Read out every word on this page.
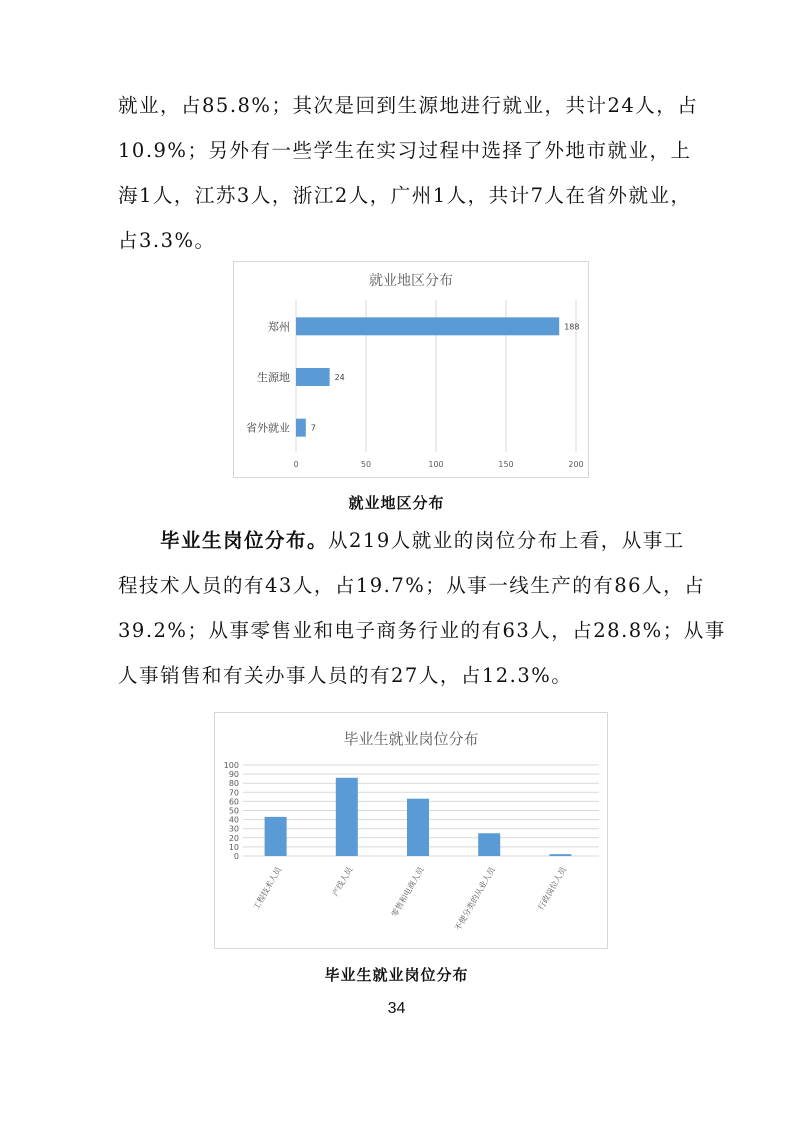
就业，占85.8%；其次是回到生源地进行就业，共计24人，占
10.9%；另外有一些学生在实习过程中选择了外地市就业，上
海1人，江苏3人，浙江2人，广州1人，共计7人在省外就业，
占3.3%。
就业地区分布
郑州
生源地
省外就业
188
24
7
0	50	100	150	200
就业地区分布
毕业生岗位分布。从219人就业的岗位分布上看，从事工
程技术人员的有43人，占19.7%；从事一线生产的有86人，占
39.2%；从事零售业和电子商务行业的有63人，占28.8%；从事
人事销售和有关办事人员的有27人，占12.3%。
毕业生就业岗位分布
0
10
20
30
40
50
60
70
80
90
100
工程技术人员	产线人员	零售和电商人员	不便分类的从业人员	行政岗位人员
毕业生就业岗位分布
34
